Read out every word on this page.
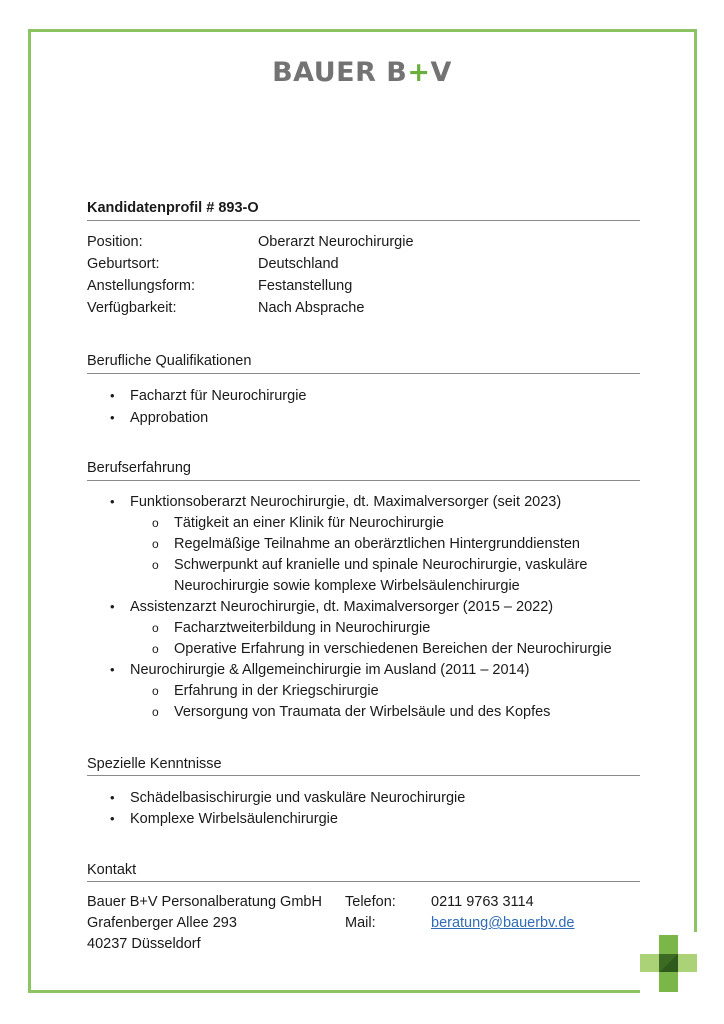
BAUER B+V
Kandidatenprofil # 893-O
Position:	Oberarzt Neurochirurgie
Geburtsort:	Deutschland
Anstellungsform:	Festanstellung
Verfügbarkeit:	Nach Absprache
Berufliche Qualifikationen
• Facharzt für Neurochirurgie
• Approbation
Berufserfahrung
• Funktionsoberarzt Neurochirurgie, dt. Maximalversorger (seit 2023)
o Tätigkeit an einer Klinik für Neurochirurgie
o Regelmäßige Teilnahme an oberärztlichen Hintergrunddiensten
o Schwerpunkt auf kranielle und spinale Neurochirurgie, vaskuläre
Neurochirurgie sowie komplexe Wirbelsäulenchirurgie
• Assistenzarzt Neurochirurgie, dt. Maximalversorger (2015 – 2022)
o Facharztweiterbildung in Neurochirurgie
o Operative Erfahrung in verschiedenen Bereichen der Neurochirurgie
• Neurochirurgie & Allgemeinchirurgie im Ausland (2011 – 2014)
o Erfahrung in der Kriegschirurgie
o Versorgung von Traumata der Wirbelsäule und des Kopfes
Spezielle Kenntnisse
• Schädelbasischirurgie und vaskuläre Neurochirurgie
• Komplexe Wirbelsäulenchirurgie
Kontakt
Bauer B+V Personalberatung GmbH
Grafenberger Allee 293
40237 Düsseldorf
Telefon: 0211 9763 3114
Mail:	beratung@bauerbv.de
